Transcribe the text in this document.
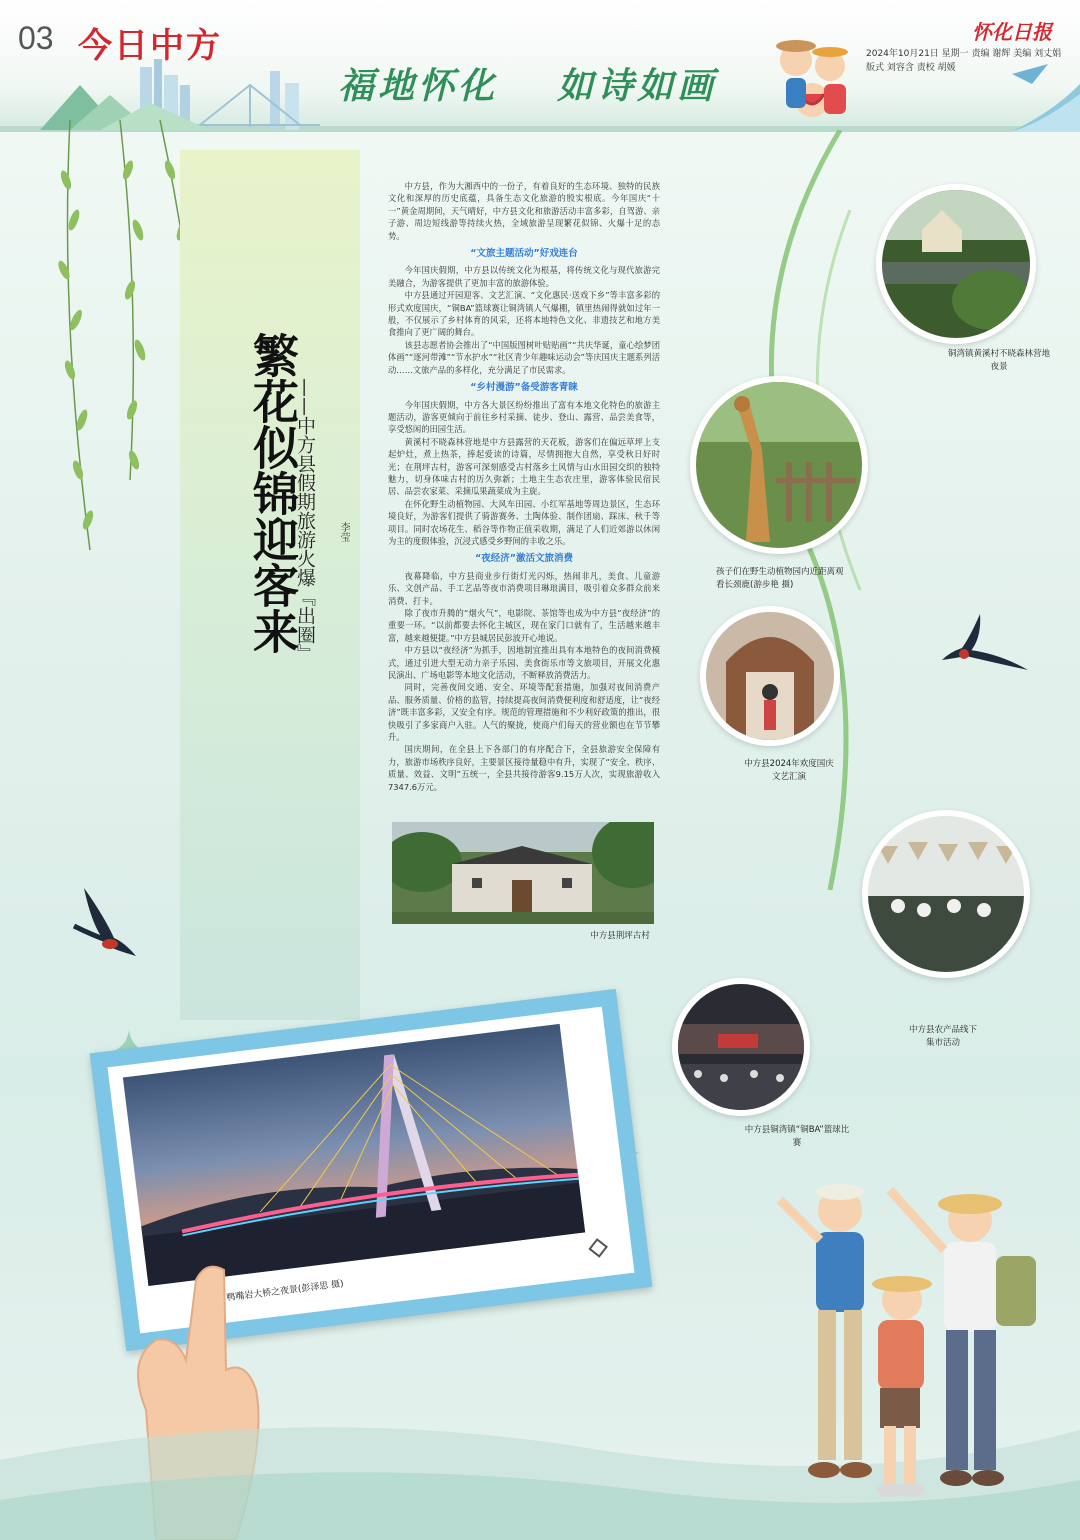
03 今日中方
福地怀化 如诗如画
怀化日报
2024年10月21日 星期一 责编 谢辉 美编 刘丈娟
版式 刘容含 责校 胡媛
繁花似锦迎客来
——中方县假期旅游火爆『出圈』 李莹

中方县，作为大湘西中的一份子，有着良好的生态环境、独特的民族文化和深厚的历史底蕴，具备生态文化旅游的殷实根底。今年国庆“十一”黄金周期间，天气晴好，中方县文化和旅游活动丰富多彩，自驾游、亲子游、周边短线游等持续火热，全域旅游呈现繁花似锦、火爆十足的态势。

“文旅主题活动”好戏连台

今年国庆假期，中方县以传统文化为根基，将传统文化与现代旅游完美融合，为游客提供了更加丰富的旅游体验。

中方县通过开园迎客、文艺汇演、“文化惠民·送戏下乡”等丰富多彩的形式欢度国庆，“铜BA”篮球赛让铜湾镇人气爆棚，镇里热闹得就如过年一般，不仅展示了乡村体育的风采，还将本地特色文化、非遗技艺和地方美食推向了更广阔的舞台。

该县志愿者协会推出了“中国版图树叶贴贴画”“共庆华诞，童心绘梦团体画”“逐河带滩”“节水护水”“社区青少年趣味运动会”等庆国庆主题系列活动……文旅产品的多样化，充分满足了市民需求。

“乡村漫游”备受游客青睐

今年国庆假期，中方各大景区纷纷推出了富有本地文化特色的旅游主题活动，游客更倾向于前往乡村采摘、徒步、登山、露营、品尝美食等，享受悠闲的田园生活。

黄溪村不晓森林营地是中方县露营的天花板，游客们在偏远草坪上支起炉灶，煮上热茶，捧起爱读的诗篇，尽情拥抱大自然，享受秋日好时光；在荆坪古村，游客可深刻感受古村落乡土风情与山水田园交织的独特魅力，切身体味古村的历久弥新；土地主生态农庄里，游客体验民宿民居、品尝农家菜、采摘瓜果蔬菜成为主旋。

在怀化野生动植物园、大风车田园、小红军基地等周边景区，生态环境良好，为游客们提供了骑游赛务、土陶体验、制作团扇、踩床、秋千等项目。同时农场花生、稻谷等作物正值采收期，满足了人们近郊游以休闲为主的度假体验，沉浸式感受乡野间的丰收之乐。

“夜经济”激活文旅消费

夜幕降临，中方县商业步行街灯光闪烁，热闹非凡，美食、儿童游乐、文创产品、手工艺品等夜市消费项目琳琅满目，吸引着众多群众前来消费、打卡。

除了夜市升腾的“烟火气”，电影院、茶馆等也成为中方县“夜经济”的重要一环。“以前都要去怀化主城区，现在家门口就有了，生活越来越丰富，越来越便捷。”中方县城居民彭波开心地说。

中方县以“夜经济”为抓手，因地制宜推出具有本地特色的夜间消费模式，通过引进大型无动力亲子乐园、美食街乐市等文旅项目，开展文化惠民演出、广场电影等本地文化活动，不断释放消费活力。

同时，完善夜间交通、安全、环境等配套措施，加强对夜间消费产品、服务质量、价格的监管，持续提高夜间消费便利度和舒适度，让“夜经济”既丰富多彩，又安全有序。规范的管理措施和不少利好政策的推出，很快吸引了多家商户入驻。人气的聚拢，使商户们每天的营业额也在节节攀升。

国庆期间，在全县上下各部门的有序配合下，全县旅游安全保障有力，旅游市场秩序良好，主要景区接待量稳中有升，实现了“安全、秩序、质量、效益、文明”五统一，全县共接待游客9.15万人次，实现旅游收入7347.6万元。

中方县荆坪古村
铜湾镇黄溪村不晓森林营地夜景
孩子们在野生动植物园内近距离观看长颈鹿(游步艳 摄)
中方县2024年欢度国庆文艺汇演
中方县农产品线下集市活动
中方县铜湾镇“铜BA”篮球比赛
鸭嘴岩大桥之夜景(彭泽思 摄)
